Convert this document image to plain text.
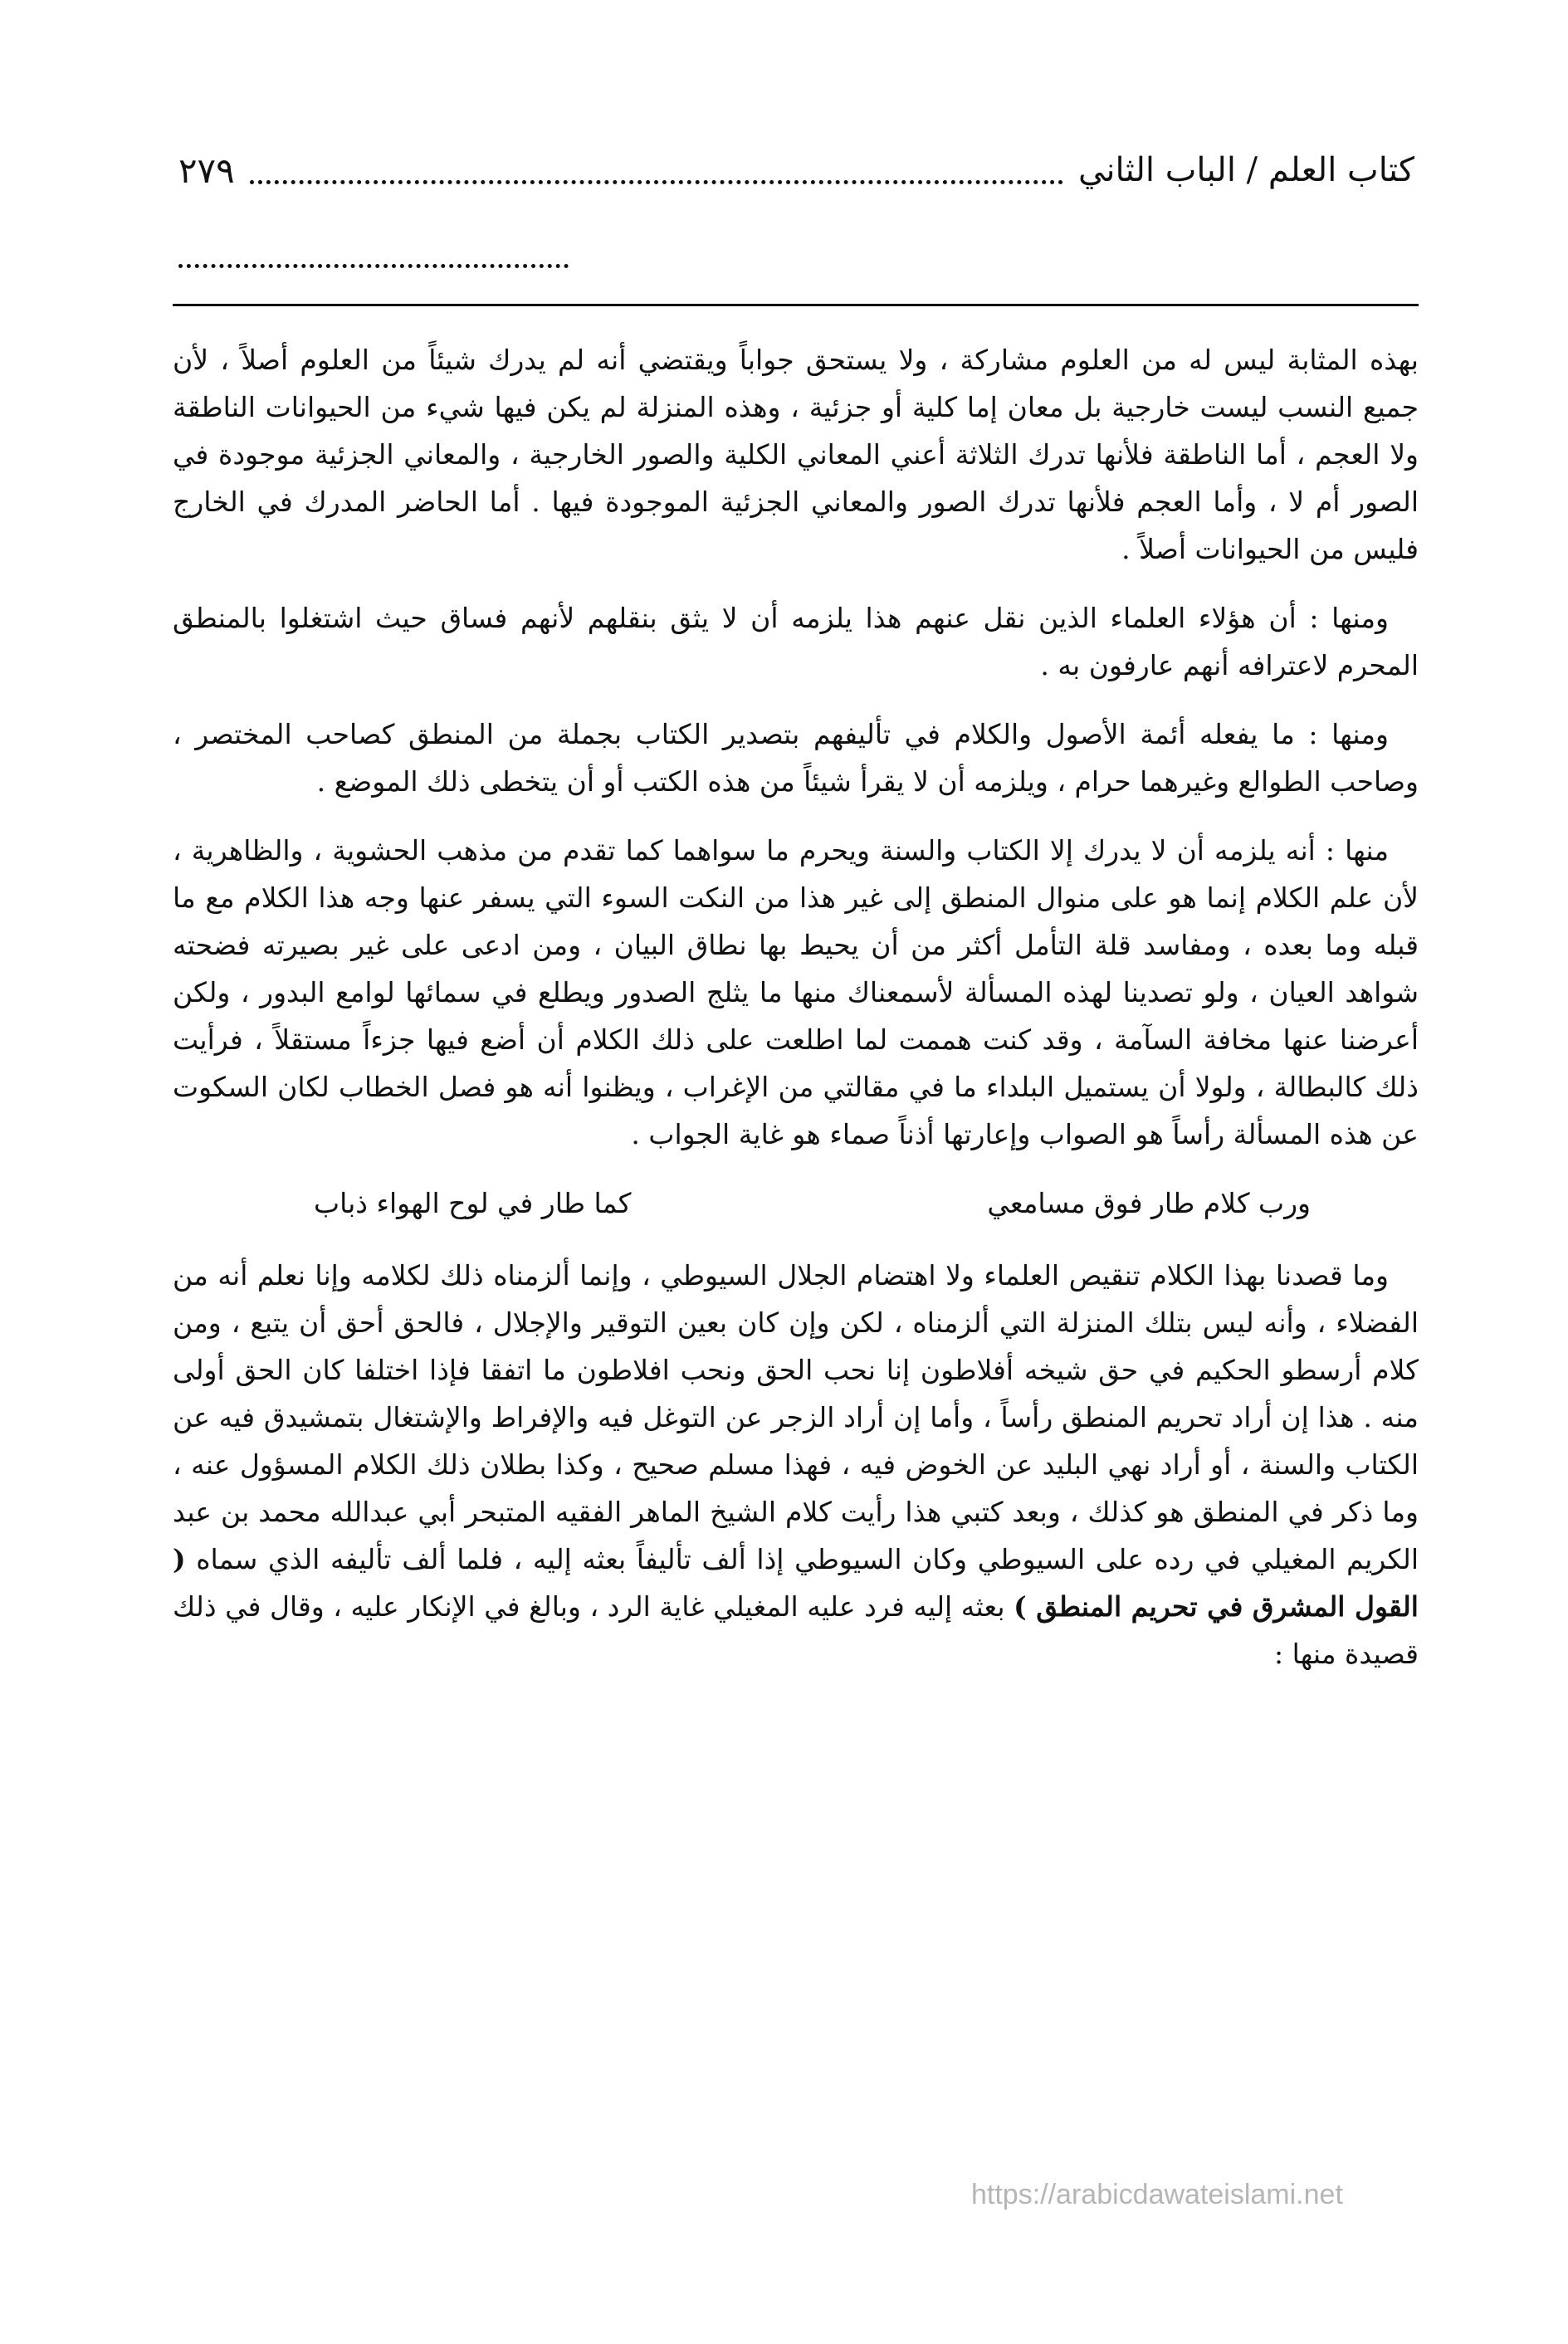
كتاب العلم / الباب الثاني
٢٧٩

بهذه المثابة ليس له من العلوم مشاركة ، ولا يستحق جواباً ويقتضي أنه لم يدرك شيئاً من العلوم أصلاً ، لأن جميع النسب ليست خارجية بل معان إما كلية أو جزئية ، وهذه المنزلة لم يكن فيها شيء من الحيوانات الناطقة ولا العجم ، أما الناطقة فلأنها تدرك الثلاثة أعني المعاني الكلية والصور الخارجية ، والمعاني الجزئية موجودة في الصور أم لا ، وأما العجم فلأنها تدرك الصور والمعاني الجزئية الموجودة فيها . أما الحاضر المدرك في الخارج فليس من الحيوانات أصلاً .

ومنها : أن هؤلاء العلماء الذين نقل عنهم هذا يلزمه أن لا يثق بنقلهم لأنهم فساق حيث اشتغلوا بالمنطق المحرم لاعترافه أنهم عارفون به .

ومنها : ما يفعله أئمة الأصول والكلام في تأليفهم بتصدير الكتاب بجملة من المنطق كصاحب المختصر ، وصاحب الطوالع وغيرهما حرام ، ويلزمه أن لا يقرأ شيئاً من هذه الكتب أو أن يتخطى ذلك الموضع .

منها : أنه يلزمه أن لا يدرك إلا الكتاب والسنة ويحرم ما سواهما كما تقدم من مذهب الحشوية ، والظاهرية ، لأن علم الكلام إنما هو على منوال المنطق إلى غير هذا من النكت السوء التي يسفر عنها وجه هذا الكلام مع ما قبله وما بعده ، ومفاسد قلة التأمل أكثر من أن يحيط بها نطاق البيان ، ومن ادعى على غير بصيرته فضحته شواهد العيان ، ولو تصدينا لهذه المسألة لأسمعناك منها ما يثلج الصدور ويطلع في سمائها لوامع البدور ، ولكن أعرضنا عنها مخافة السآمة ، وقد كنت هممت لما اطلعت على ذلك الكلام أن أضع فيها جزءاً مستقلاً ، فرأيت ذلك كالبطالة ، ولولا أن يستميل البلداء ما في مقالتي من الإغراب ، ويظنوا أنه هو فصل الخطاب لكان السكوت عن هذه المسألة رأساً هو الصواب وإعارتها أذناً صماء هو غاية الجواب .

ورب كلام طار فوق مسامعي
كما طار في لوح الهواء ذباب

وما قصدنا بهذا الكلام تنقيص العلماء ولا اهتضام الجلال السيوطي ، وإنما ألزمناه ذلك لكلامه وإنا نعلم أنه من الفضلاء ، وأنه ليس بتلك المنزلة التي ألزمناه ، لكن وإن كان بعين التوقير والإجلال ، فالحق أحق أن يتبع ، ومن كلام أرسطو الحكيم في حق شيخه أفلاطون إنا نحب الحق ونحب افلاطون ما اتفقا فإذا اختلفا كان الحق أولى منه . هذا إن أراد تحريم المنطق رأساً ، وأما إن أراد الزجر عن التوغل فيه والإفراط والإشتغال بتمشيدق فيه عن الكتاب والسنة ، أو أراد نهي البليد عن الخوض فيه ، فهذا مسلم صحيح ، وكذا بطلان ذلك الكلام المسؤول عنه ، وما ذكر في المنطق هو كذلك ، وبعد كتبي هذا رأيت كلام الشيخ الماهر الفقيه المتبحر أبي عبدالله محمد بن عبد الكريم المغيلي في رده على السيوطي وكان السيوطي إذا ألف تأليفاً بعثه إليه ، فلما ألف تأليفه الذي سماه ( القول المشرق في تحريم المنطق ) بعثه إليه فرد عليه المغيلي غاية الرد ، وبالغ في الإنكار عليه ، وقال في ذلك قصيدة منها :

https://arabicdawateislami.net
